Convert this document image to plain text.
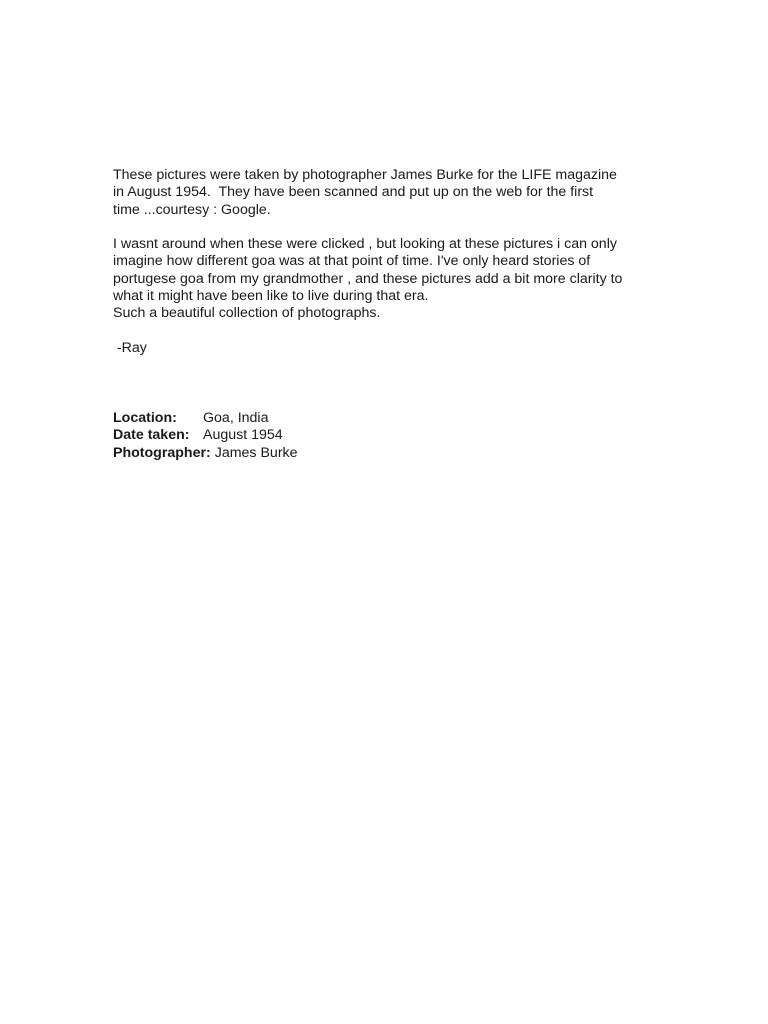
These pictures were taken by photographer James Burke for the LIFE magazine
in August 1954.  They have been scanned and put up on the web for the first
time ...courtesy : Google.

I wasnt around when these were clicked , but looking at these pictures i can only
imagine how different goa was at that point of time. I've only heard stories of
portugese goa from my grandmother , and these pictures add a bit more clarity to
what it might have been like to live during that era.
Such a beautiful collection of photographs.

-Ray
Location: Goa, India
Date taken: August 1954
Photographer: James Burke
